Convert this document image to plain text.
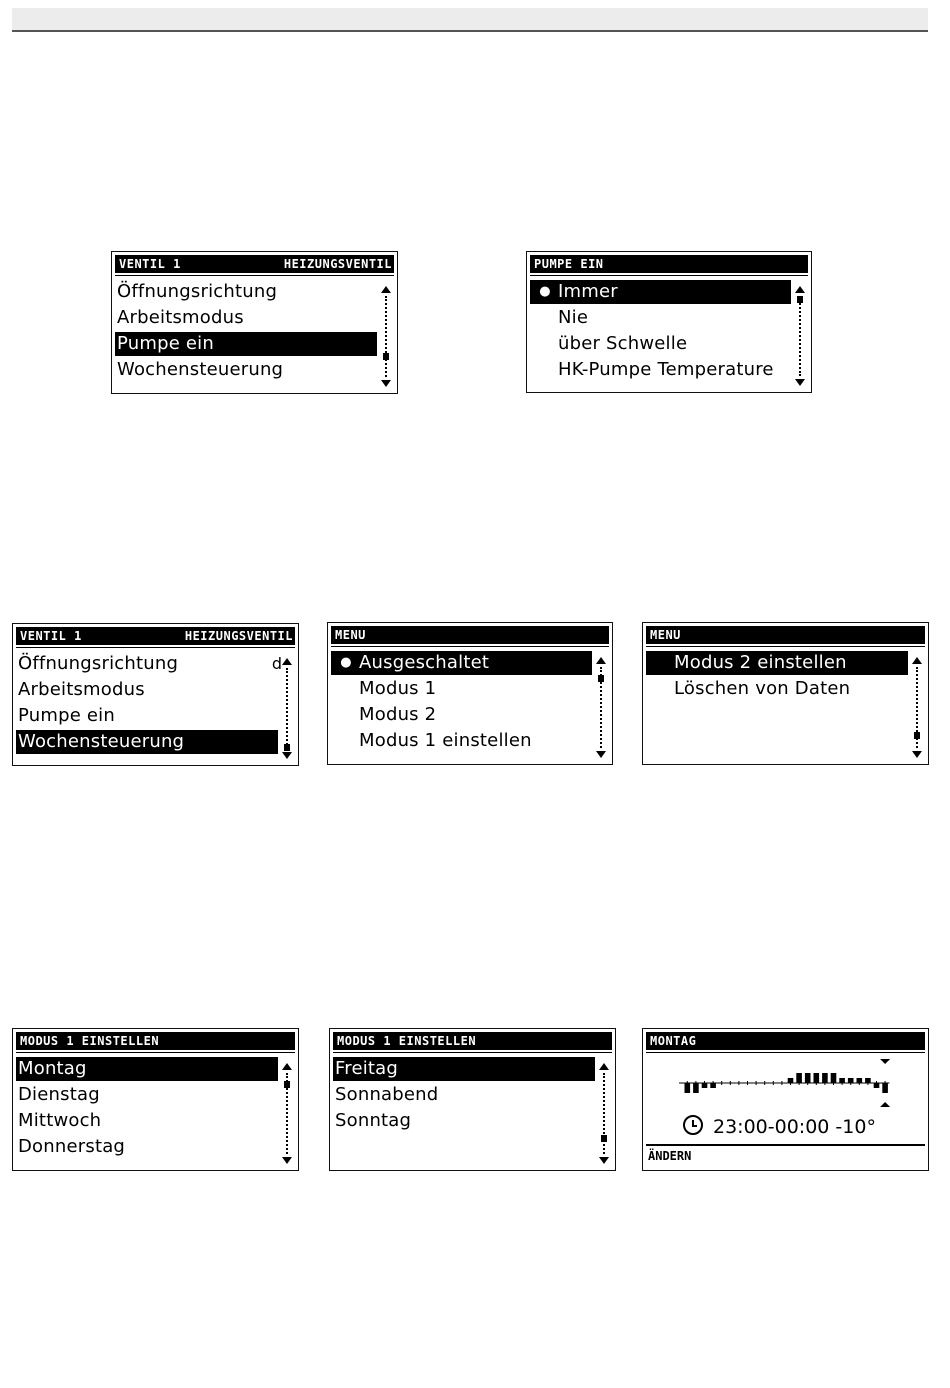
VENTIL 1	HEIZUNGSVENTIL
Öffnungsrichtung
Arbeitsmodus
Pumpe ein
Wochensteuerung
PUMPE EIN
● Immer
Nie
über Schwelle
HK-Pumpe Temperature
VENTIL 1	HEIZUNGSVENTIL
Öffnungsrichtung
Arbeitsmodus
Pumpe ein
Wochensteuerung
d
MENU
● Ausgeschaltet
Modus 1
Modus 2
Modus 1 einstellen
MENU
Modus 2 einstellen
Löschen von Daten
MODUS 1 EINSTELLEN
Montag
Dienstag
Mittwoch
Donnerstag
MODUS 1 EINSTELLEN
Freitag
Sonnabend
Sonntag
MONTAG
23:00-00:00 -10°
ÄNDERN
